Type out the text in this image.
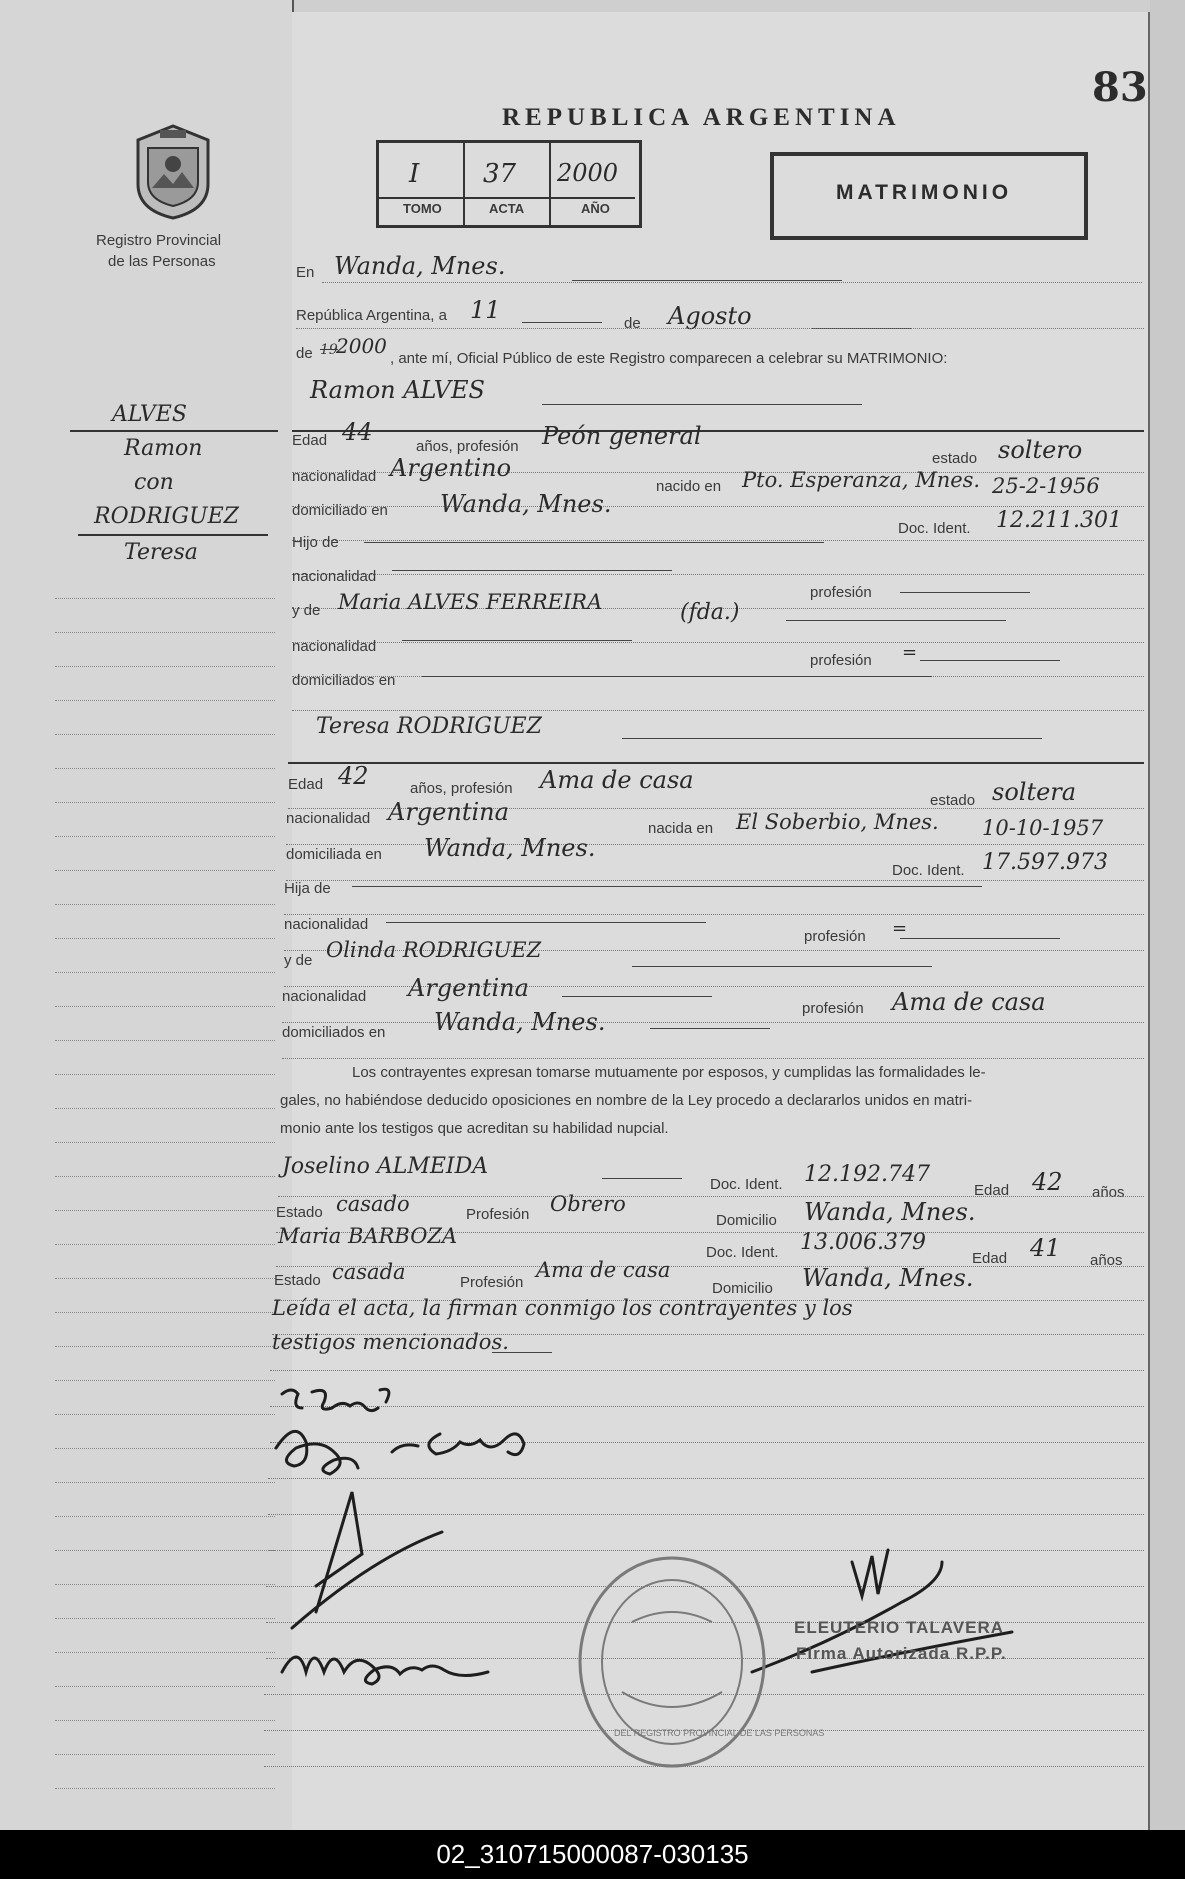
Registro Provincial
de las Personas
ALVES
Ramon
con
RODRIGUEZ
Teresa
83
REPUBLICA ARGENTINA
I
TOMO
37
ACTA
2000
AÑO
MATRIMONIO
En Wanda, Mnes.
República Argentina, a 11	de Agosto
de 19
2000
, ante mí, Oficial Público de este Registro comparecen a celebrar su MATRIMONIO:
Ramon ALVES
Edad 44
años, profesión Peón general
estado soltero
nacionalidad Argentino
nacido en Pto. Esperanza, Mnes. 25-2-1956
domiciliado en Wanda, Mnes.
Doc. Ident. 12.211.301
Hijo de
nacionalidad
profesión
y de Maria ALVES FERREIRA	(fda.)
nacionalidad
profesión =
domiciliados en
Teresa RODRIGUEZ
Edad 42	años, profesión Ama de casa
estado soltera
nacionalidad Argentina
nacida en El Soberbio, Mnes. 10-10-1957
domiciliada en Wanda, Mnes.
Doc. Ident. 17.597.973
Hija de
nacionalidad
profesión =
y de Olinda RODRIGUEZ
nacionalidad Argentina
profesión Ama de casa
domiciliados en Wanda, Mnes.
Los contrayentes expresan tomarse mutuamente por esposos, y cumplidas las formalidades le-
gales, no habiéndose deducido oposiciones en nombre de la Ley procedo a declararlos unidos en matri-
monio ante los testigos que acreditan su habilidad nupcial.
Joselino ALMEIDA
Doc. Ident. 12.192.747
Edad 42 años
Estado casado	Profesión Obrero
Domicilio Wanda, Mnes.
Maria BARBOZA
Doc. Ident. 13.006.379
Edad 41 años
Estado casada	Profesión
Ama de casa
Domicilio Wanda, Mnes.
Leída el acta, la firman conmigo los contrayentes y los
testigos mencionados.
ELEUTERIO TALAVERA
Firma Autorizada R.P.P.
DEL REGISTRO PROVINCIAL DE LAS PERSONAS
02_310715000087-030135
